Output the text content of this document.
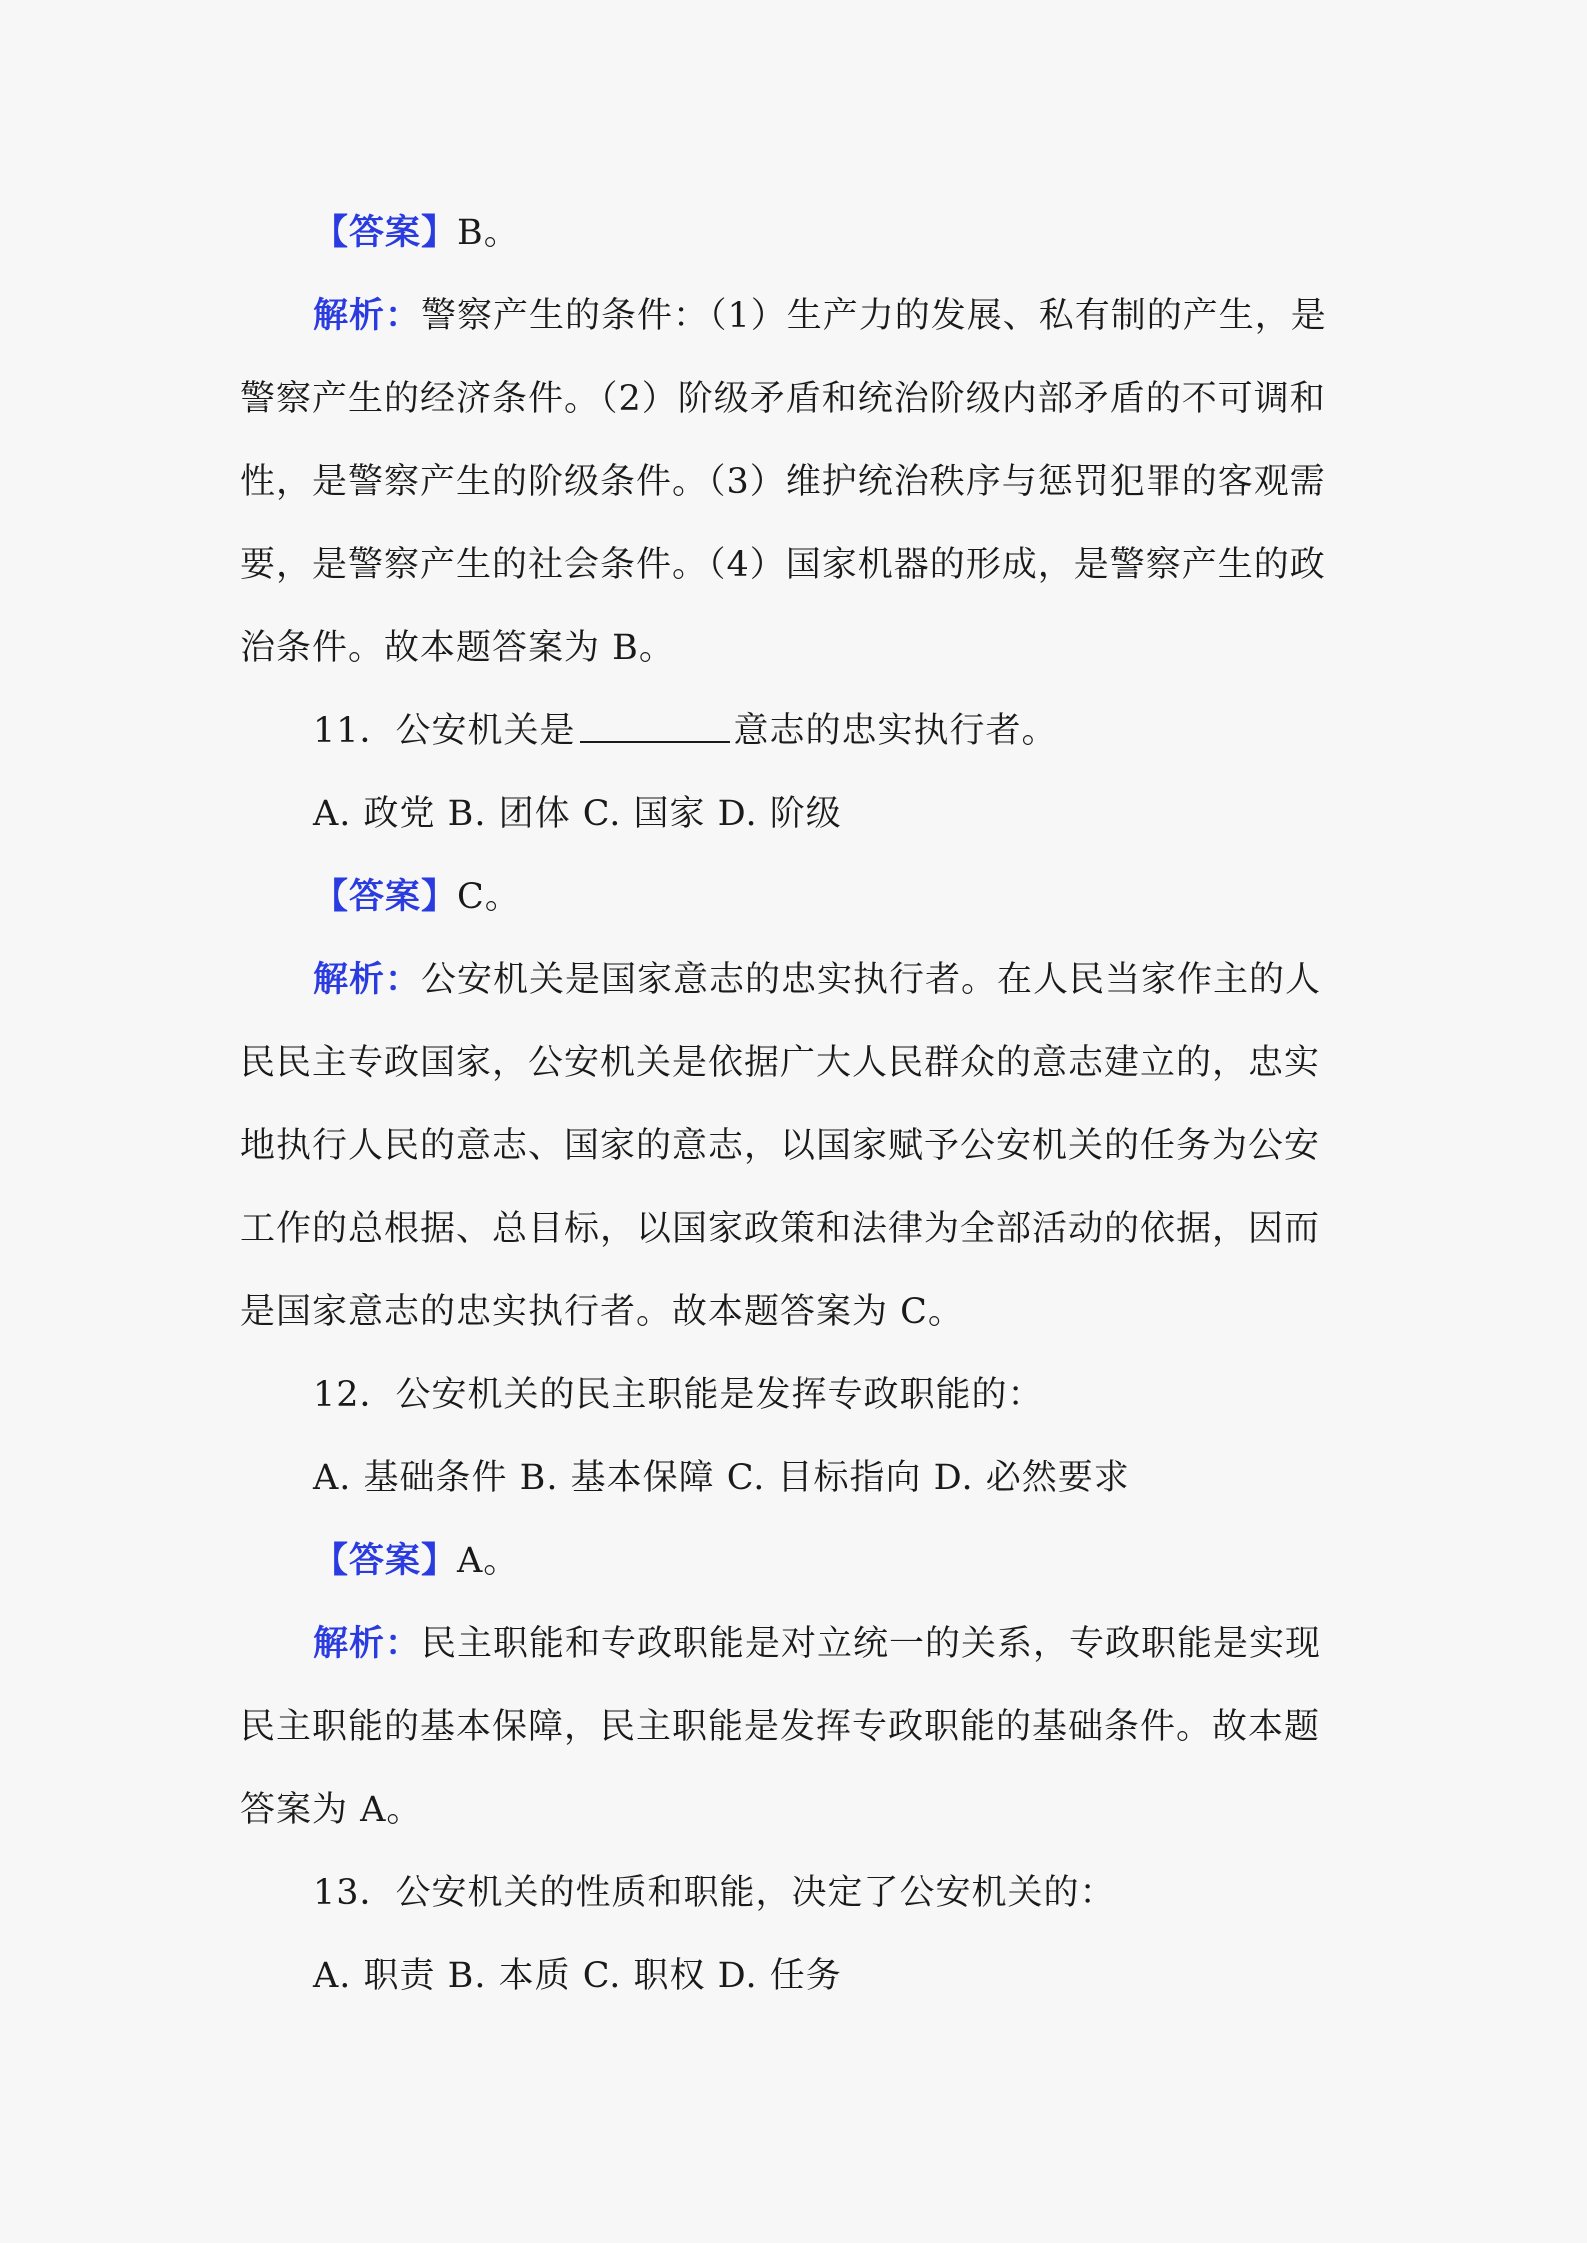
【答案】B。
解析：警察产生的条件：（1）生产力的发展、私有制的产生，是
警察产生的经济条件。（2）阶级矛盾和统治阶级内部矛盾的不可调和
性，是警察产生的阶级条件。（3）维护统治秩序与惩罚犯罪的客观需
要，是警察产生的社会条件。（4）国家机器的形成，是警察产生的政
治条件。故本题答案为 B。
11．公安机关是	意志的忠实执行者。
A. 政党 B. 团体 C. 国家 D. 阶级
【答案】C。
解析：公安机关是国家意志的忠实执行者。在人民当家作主的人
民民主专政国家，公安机关是依据广大人民群众的意志建立的，忠实
地执行人民的意志、国家的意志，以国家赋予公安机关的任务为公安
工作的总根据、总目标，以国家政策和法律为全部活动的依据，因而
是国家意志的忠实执行者。故本题答案为 C。
12．公安机关的民主职能是发挥专政职能的：
A. 基础条件 B. 基本保障 C. 目标指向 D. 必然要求
【答案】A。
解析：民主职能和专政职能是对立统一的关系，专政职能是实现
民主职能的基本保障，民主职能是发挥专政职能的基础条件。故本题
答案为 A。
13．公安机关的性质和职能，决定了公安机关的：
A. 职责 B. 本质 C. 职权 D. 任务
